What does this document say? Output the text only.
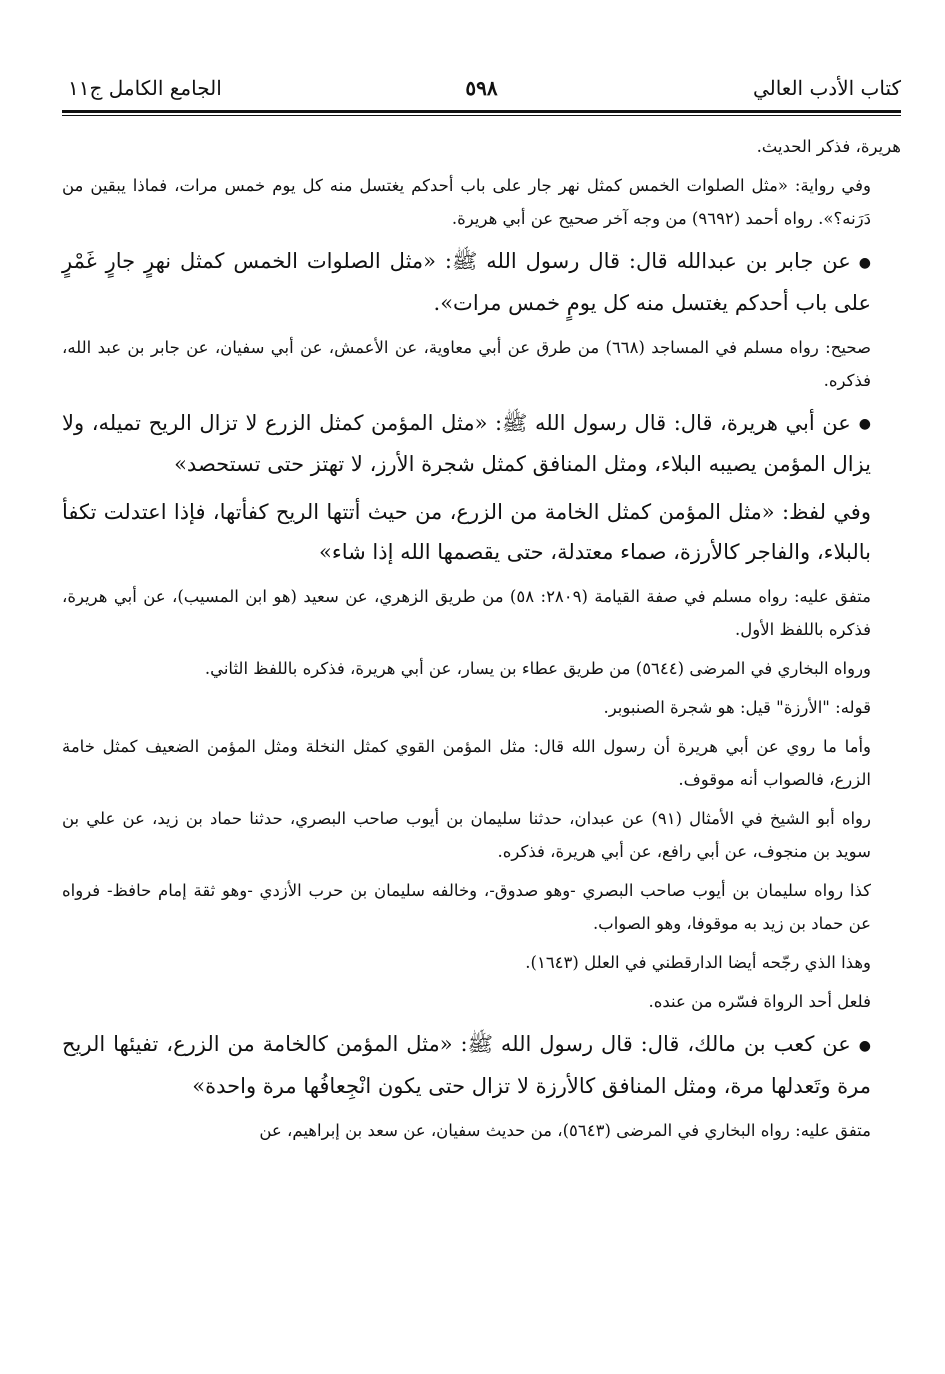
كتاب الأدب العالي
٥٩٨
الجامع الكامل ج١١
هريرة، فذكر الحديث.
وفي رواية: «مثل الصلوات الخمس كمثل نهر جار على باب أحدكم يغتسل منه كل يوم خمس مرات، فماذا يبقين من دَرَنه؟». رواه أحمد (٩٦٩٢) من وجه آخر صحيح عن أبي هريرة.
●عن جابر بن عبدالله قال: قال رسول الله ﷺ: «مثل الصلوات الخمس كمثل نهرٍ جارٍ غَمْرٍ على باب أحدكم يغتسل منه كل يومٍ خمس مرات».
صحيح: رواه مسلم في المساجد (٦٦٨) من طرق عن أبي معاوية، عن الأعمش، عن أبي سفيان، عن جابر بن عبد الله، فذكره.
●عن أبي هريرة، قال: قال رسول الله ﷺ: «مثل المؤمن كمثل الزرع لا تزال الريح تميله، ولا يزال المؤمن يصيبه البلاء، ومثل المنافق كمثل شجرة الأرز، لا تهتز حتى تستحصد»
وفي لفظ: «مثل المؤمن كمثل الخامة من الزرع، من حيث أتتها الريح كفأتها، فإذا اعتدلت تكفأ بالبلاء، والفاجر كالأرزة، صماء معتدلة، حتى يقصمها الله إذا شاء»
متفق عليه: رواه مسلم في صفة القيامة (٢٨٠٩: ٥٨) من طريق الزهري، عن سعيد (هو ابن المسيب)، عن أبي هريرة، فذكره باللفظ الأول.
ورواه البخاري في المرضى (٥٦٤٤) من طريق عطاء بن يسار، عن أبي هريرة، فذكره باللفظ الثاني.
قوله: "الأرزة" قيل: هو شجرة الصنبوبر.
وأما ما روي عن أبي هريرة أن رسول الله قال: مثل المؤمن القوي كمثل النخلة ومثل المؤمن الضعيف كمثل خامة الزرع، فالصواب أنه موقوف.
رواه أبو الشيخ في الأمثال (٩١) عن عبدان، حدثنا سليمان بن أيوب صاحب البصري، حدثنا حماد بن زيد، عن علي بن سويد بن منجوف، عن أبي رافع، عن أبي هريرة، فذكره.
كذا رواه سليمان بن أيوب صاحب البصري -وهو صدوق-، وخالفه سليمان بن حرب الأزدي -وهو ثقة إمام حافظ- فرواه عن حماد بن زيد به موقوفا، وهو الصواب.
وهذا الذي رجّحه أيضا الدارقطني في العلل (١٦٤٣).
فلعل أحد الرواة فسّره من عنده.
●عن كعب بن مالك، قال: قال رسول الله ﷺ: «مثل المؤمن كالخامة من الزرع، تفيئها الريح مرة وتَعدلها مرة، ومثل المنافق كالأرزة لا تزال حتى يكون انْجِعافُها مرة واحدة»
متفق عليه: رواه البخاري في المرضى (٥٦٤٣)، من حديث سفيان، عن سعد بن إبراهيم، عن
